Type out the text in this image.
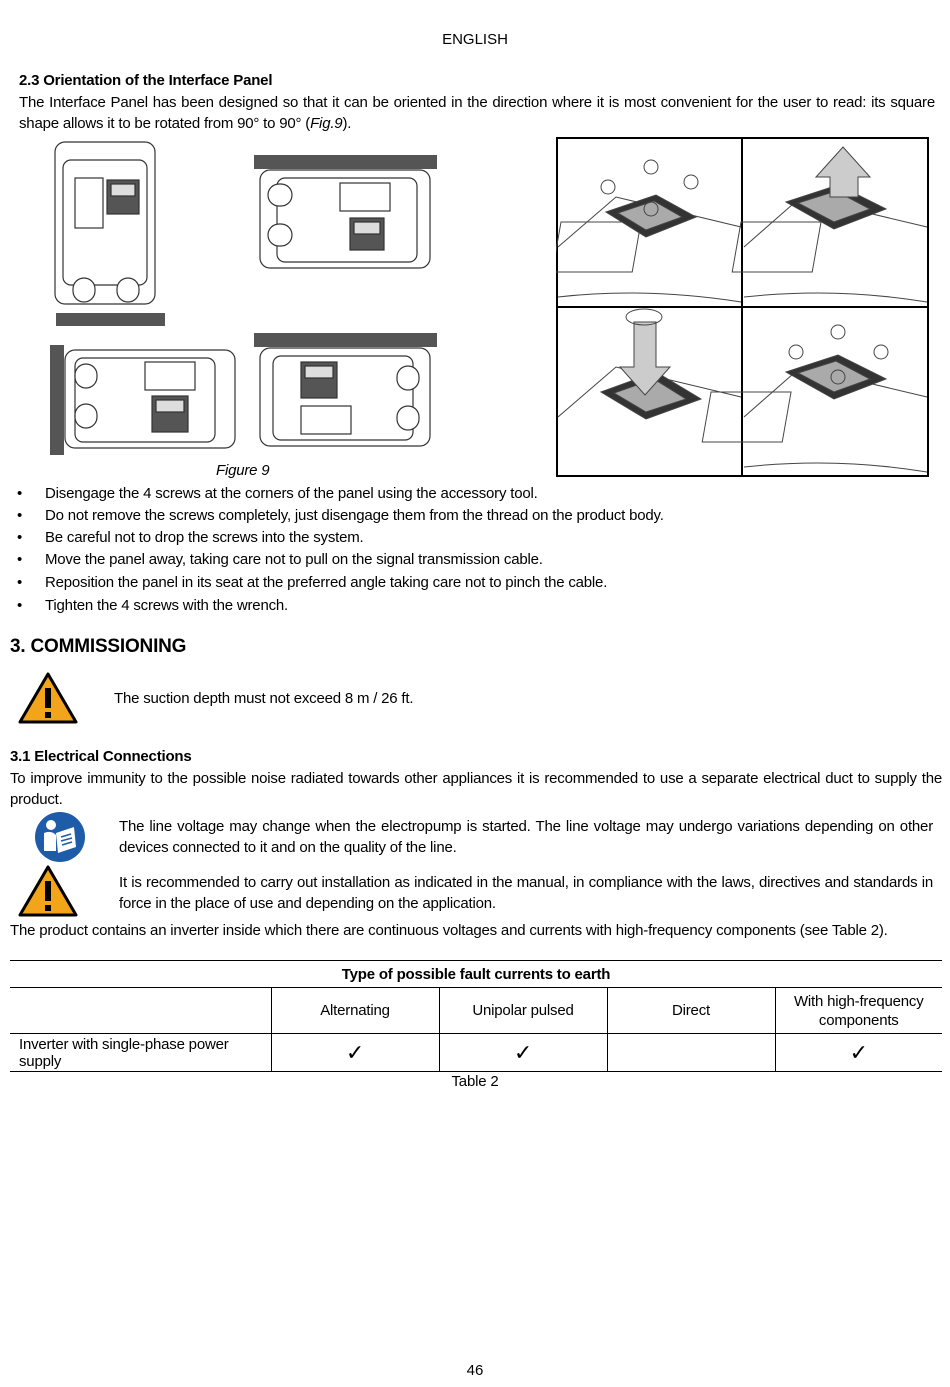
ENGLISH
2.3 Orientation of the Interface Panel
The Interface Panel has been designed so that it can be oriented in the direction where it is most convenient for the user to read: its square shape allows it to be rotated from 90° to 90° (Fig.9).
Figure 9
• Disengage the 4 screws at the corners of the panel using the accessory tool.
• Do not remove the screws completely, just disengage them from the thread on the product body.
• Be careful not to drop the screws into the system.
• Move the panel away, taking care not to pull on the signal transmission cable.
• Reposition the panel in its seat at the preferred angle taking care not to pinch the cable.
• Tighten the 4 screws with the wrench.
3. COMMISSIONING
The suction depth must not exceed 8 m / 26 ft.
3.1 Electrical Connections
To improve immunity to the possible noise radiated towards other appliances it is recommended to use a separate electrical duct to supply the product.
The line voltage may change when the electropump is started. The line voltage may undergo variations depending on other devices connected to it and on the quality of the line.
It is recommended to carry out installation as indicated in the manual, in compliance with the laws, directives and standards in force in the place of use and depending on the application.
The product contains an inverter inside which there are continuous voltages and currents with high-frequency components (see Table 2).
Type of possible fault currents to earth				
	Alternating	Unipolar pulsed	Direct	With high-frequency components
Inverter with single-phase power supply	✓	✓		✓
Table 2
46
